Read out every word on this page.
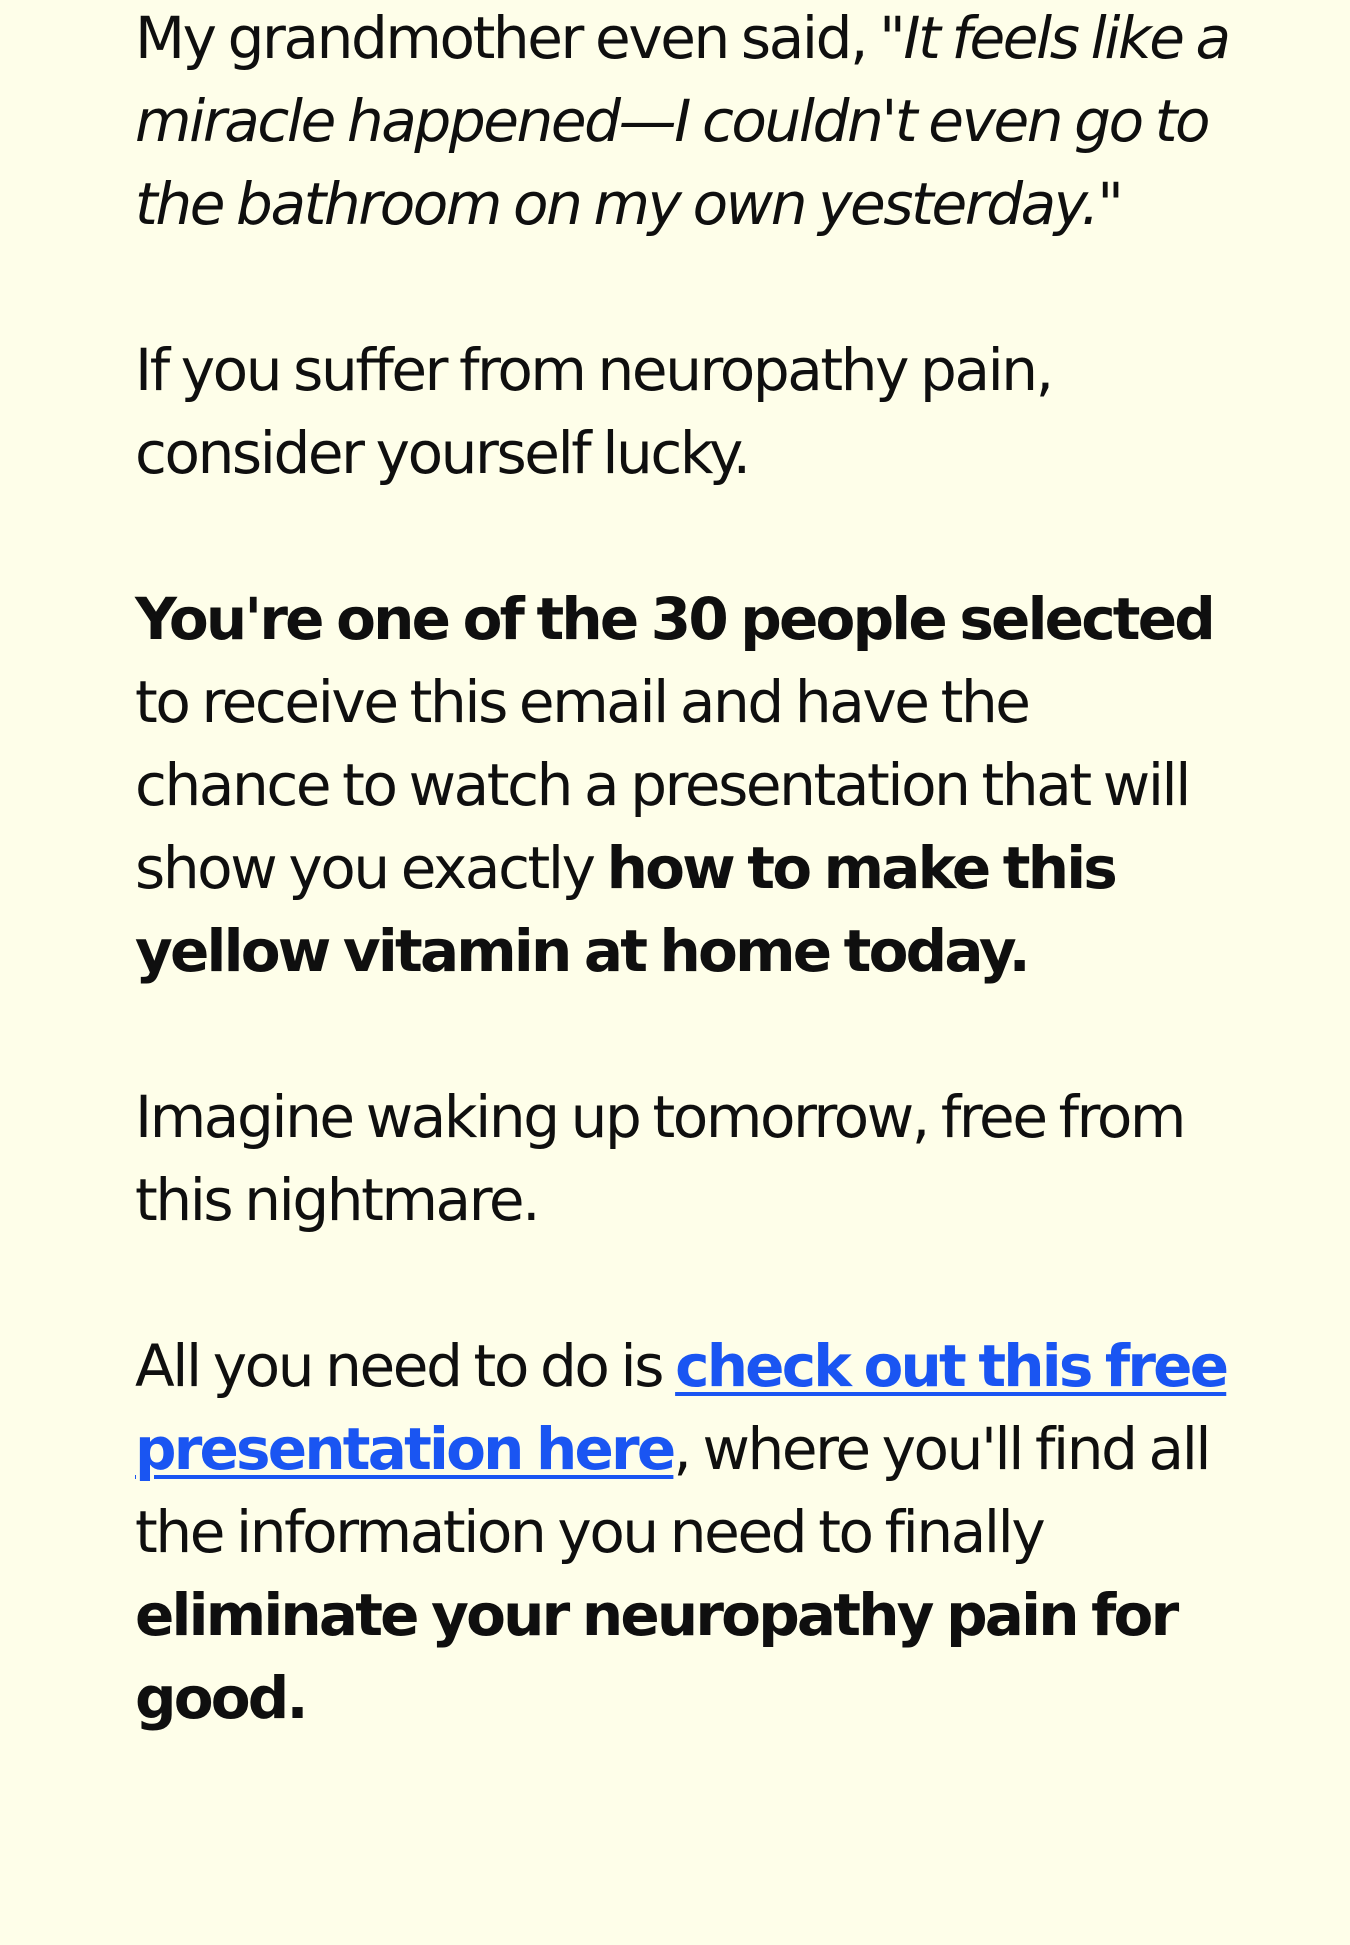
My grandmother even said, "It feels like a miracle happened—I couldn't even go to the bathroom on my own yesterday."

If you suffer from neuropathy pain, consider yourself lucky.

You're one of the 30 people selected to receive this email and have the chance to watch a presentation that will show you exactly how to make this yellow vitamin at home today.

Imagine waking up tomorrow, free from this nightmare.

All you need to do is check out this free presentation here, where you'll find all the information you need to finally eliminate your neuropathy pain for good.
